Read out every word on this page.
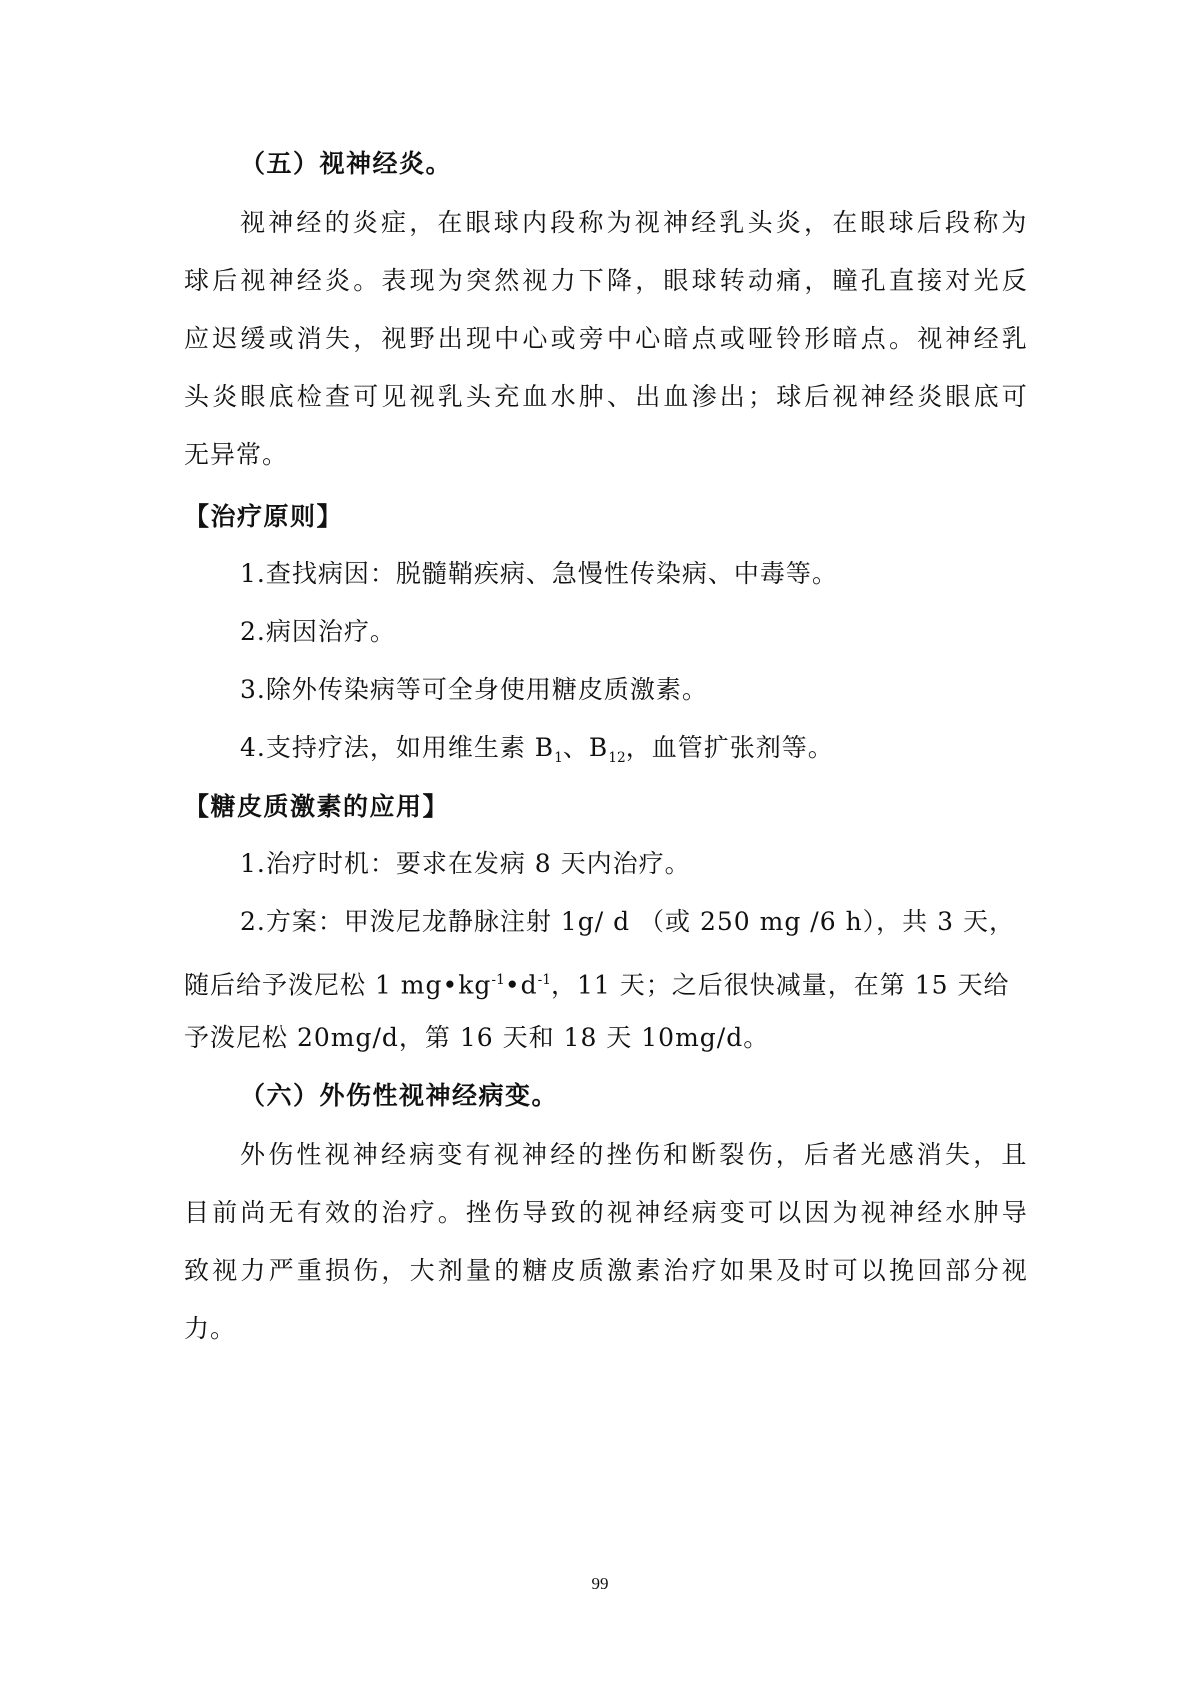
（五）视神经炎。
视神经的炎症，在眼球内段称为视神经乳头炎，在眼球后段称为
球后视神经炎。表现为突然视力下降，眼球转动痛，瞳孔直接对光反
应迟缓或消失，视野出现中心或旁中心暗点或哑铃形暗点。视神经乳
头炎眼底检查可见视乳头充血水肿、出血渗出；球后视神经炎眼底可
无异常。
【治疗原则】
1.查找病因：脱髓鞘疾病、急慢性传染病、中毒等。
2.病因治疗。
3.除外传染病等可全身使用糖皮质激素。
4.支持疗法，如用维生素 $B_1$、$B_{12}$，血管扩张剂等。
【糖皮质激素的应用】
1.治疗时机：要求在发病 8 天内治疗。
2.方案：甲泼尼龙静脉注射 1g/ d （或 250 mg /6 h），共 3 天，
随后给予泼尼松 1 $mg•kg^{-1}•d^{-1}$，11 天；之后很快减量，在第 15 天给
予泼尼松 20mg/d，第 16 天和 18 天 10mg/d。
（六）外伤性视神经病变。
外伤性视神经病变有视神经的挫伤和断裂伤，后者光感消失，且
目前尚无有效的治疗。挫伤导致的视神经病变可以因为视神经水肿导
致视力严重损伤，大剂量的糖皮质激素治疗如果及时可以挽回部分视
力。
99
